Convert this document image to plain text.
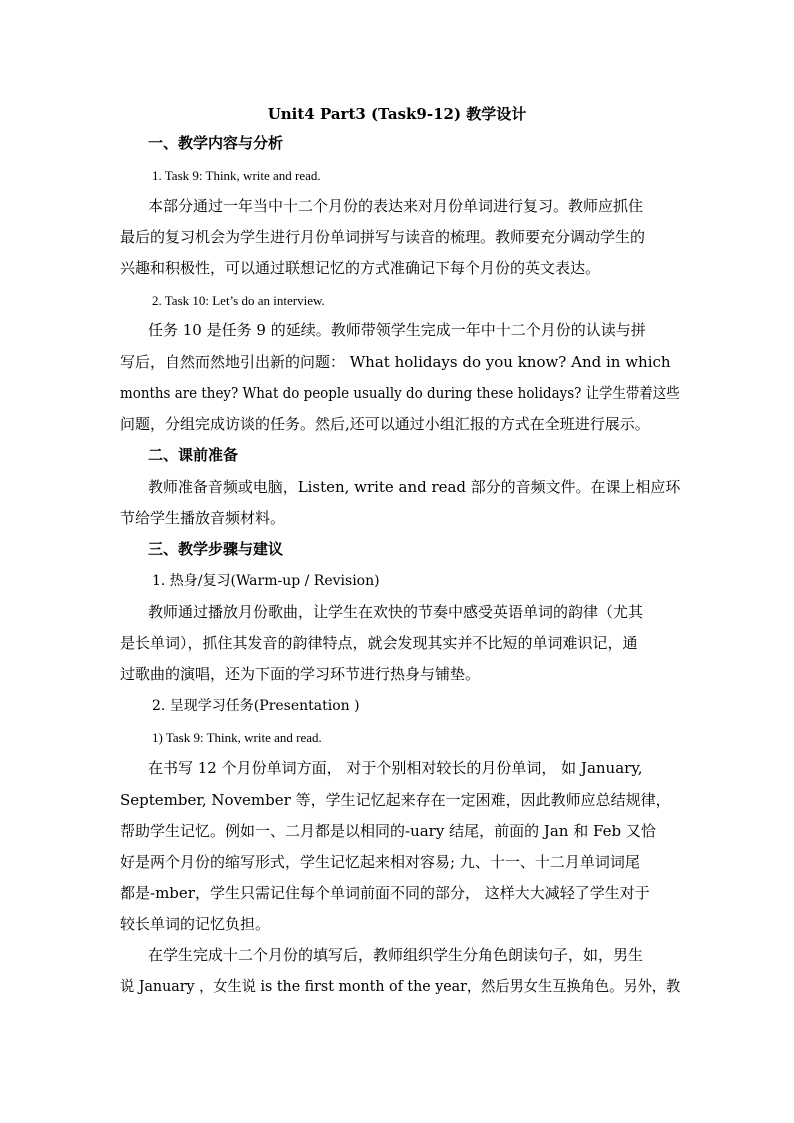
Unit4 Part3 (Task9-12) 教学设计
一、教学内容与分析
1. Task 9: Think, write and read.
本部分通过一年当中十二个月份的表达来对月份单词进行复习。教师应抓住
最后的复习机会为学生进行月份单词拼写与读音的梳理。教师要充分调动学生的
兴趣和积极性，可以通过联想记忆的方式准确记下每个月份的英文表达。
2. Task 10: Let’s do an interview.
任务 10 是任务 9 的延续。教师带领学生完成一年中十二个月份的认读与拼
写后，自然而然地引出新的问题： What holidays do you know? And in which
months are they? What do people usually do during these holidays? 让学生带着这些
问题，分组完成访谈的任务。然后,还可以通过小组汇报的方式在全班进行展示。
二、课前准备
教师准备音频或电脑，Listen, write and read 部分的音频文件。在课上相应环
节给学生播放音频材料。
三、教学步骤与建议
1. 热身/复习(Warm-up / Revision)
教师通过播放月份歌曲，让学生在欢快的节奏中感受英语单词的韵律（尤其
是长单词），抓住其发音的韵律特点，就会发现其实并不比短的单词难识记，通
过歌曲的演唱，还为下面的学习环节进行热身与铺垫。
2. 呈现学习任务(Presentation )
1) Task 9: Think, write and read.
在书写 12 个月份单词方面， 对于个别相对较长的月份单词， 如 January,
September, November 等，学生记忆起来存在一定困难，因此教师应总结规律，
帮助学生记忆。例如一、二月都是以相同的-uary 结尾，前面的 Jan 和 Feb 又恰
好是两个月份的缩写形式，学生记忆起来相对容易; 九、十一、十二月单词词尾
都是-mber，学生只需记住每个单词前面不同的部分， 这样大大减轻了学生对于
较长单词的记忆负担。
在学生完成十二个月份的填写后，教师组织学生分角色朗读句子，如，男生
说 January ，女生说 is the first month of the year，然后男女生互换角色。另外，教
